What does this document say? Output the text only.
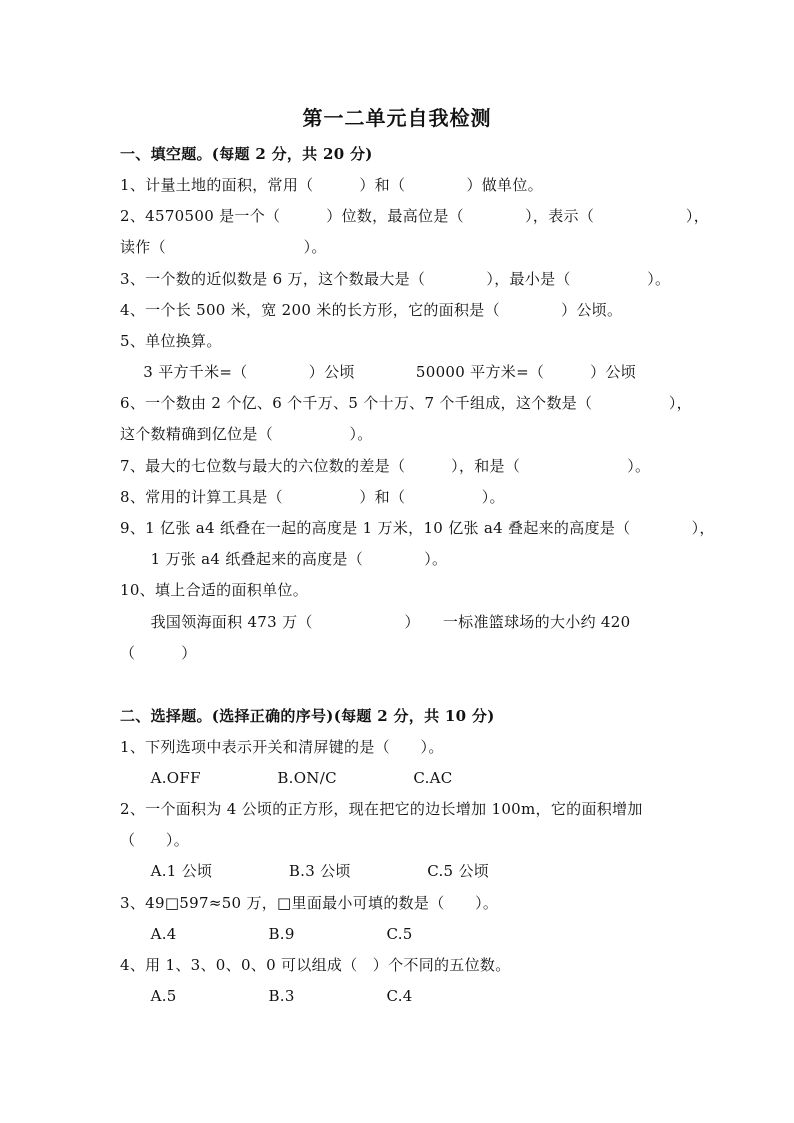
第一二单元自我检测
一、填空题。(每题 2 分，共 20 分)
1、计量土地的面积，常用（　　　）和（　　　　）做单位。
2、4570500 是一个（　　　）位数，最高位是（　　　　），表示（　　　　　　），
读作（　　　　　　　　　）。
3、一个数的近似数是 6 万，这个数最大是（　　　　），最小是（　　　　　）。
4、一个长 500 米，宽 200 米的长方形，它的面积是（　　　　）公顷。
5、单位换算。
　3 平方千米=（　　　　）公顷　　　　50000 平方米=（　　　）公顷
6、一个数由 2 个亿、6 个千万、5 个十万、7 个千组成，这个数是（　　　　　），
这个数精确到亿位是（　　　　　）。
7、最大的七位数与最大的六位数的差是（　　　），和是（　　　　　　　）。
8、常用的计算工具是（　　　　　）和（　　　　　）。
9、1 亿张 a4 纸叠在一起的高度是 1 万米，10 亿张 a4 叠起来的高度是（　　　　），
　　1 万张 a4 纸叠起来的高度是（　　　　）。
10、填上合适的面积单位。
　　我国领海面积 473 万（　　　　　　）　　一标准篮球场的大小约 420
（　　　）
二、选择题。(选择正确的序号)(每题 2 分，共 10 分)
1、下列选项中表示开关和清屏键的是（　　）。
　　A.OFF　　　　　B.ON/C　　　　　C.AC
2、一个面积为 4 公顷的正方形，现在把它的边长增加 100m，它的面积增加
（　　）。
　　A.1 公顷　　　　　B.3 公顷　　　　　C.5 公顷
3、49□597≈50 万，□里面最小可填的数是（　　）。
　　A.4　　　　　　B.9　　　　　　C.5
4、用 1、3、0、0、0 可以组成（　）个不同的五位数。
　　A.5　　　　　　B.3　　　　　　C.4
